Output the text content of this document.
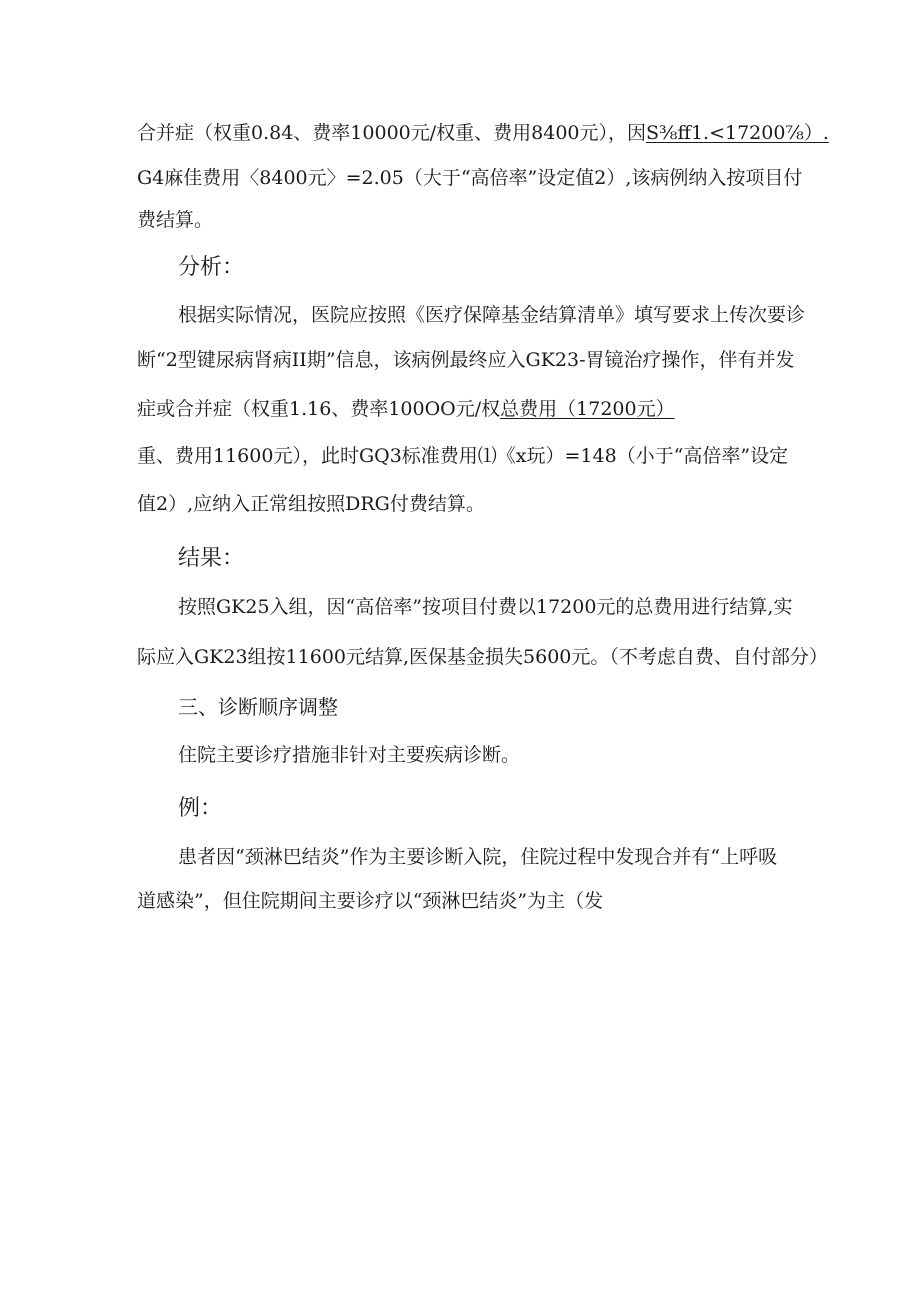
合并症（权重0.84、费率10000元/权重、费用8400元），因S⅜ff1.<17200⅞）.
G4麻佳费用〈8400元〉=2.05（大于“高倍率”设定值2）,该病例纳入按项目付
费结算。
分析：
根据实际情况，医院应按照《医疗保障基金结算清单》填写要求上传次要诊
断“2型键尿病肾病II期”信息，该病例最终应入GK23-胃镜治疗操作，伴有并发
症或合并症（权重1.16、费率100OO元/权总费用（17200元）
重、费用11600元），此时GQ3标准费用⑴《x玩）=148（小于“高倍率”设定
值2）,应纳入正常组按照DRG付费结算。
结果：
按照GK25入组，因“高倍率”按项目付费以17200元的总费用进行结算,实
际应入GK23组按11600元结算,医保基金损失5600元。（不考虑自费、自付部分）
三、诊断顺序调整
住院主要诊疗措施非针对主要疾病诊断。
例：
患者因“颈淋巴结炎”作为主要诊断入院，住院过程中发现合并有“上呼吸
道感染”，但住院期间主要诊疗以“颈淋巴结炎”为主（发
